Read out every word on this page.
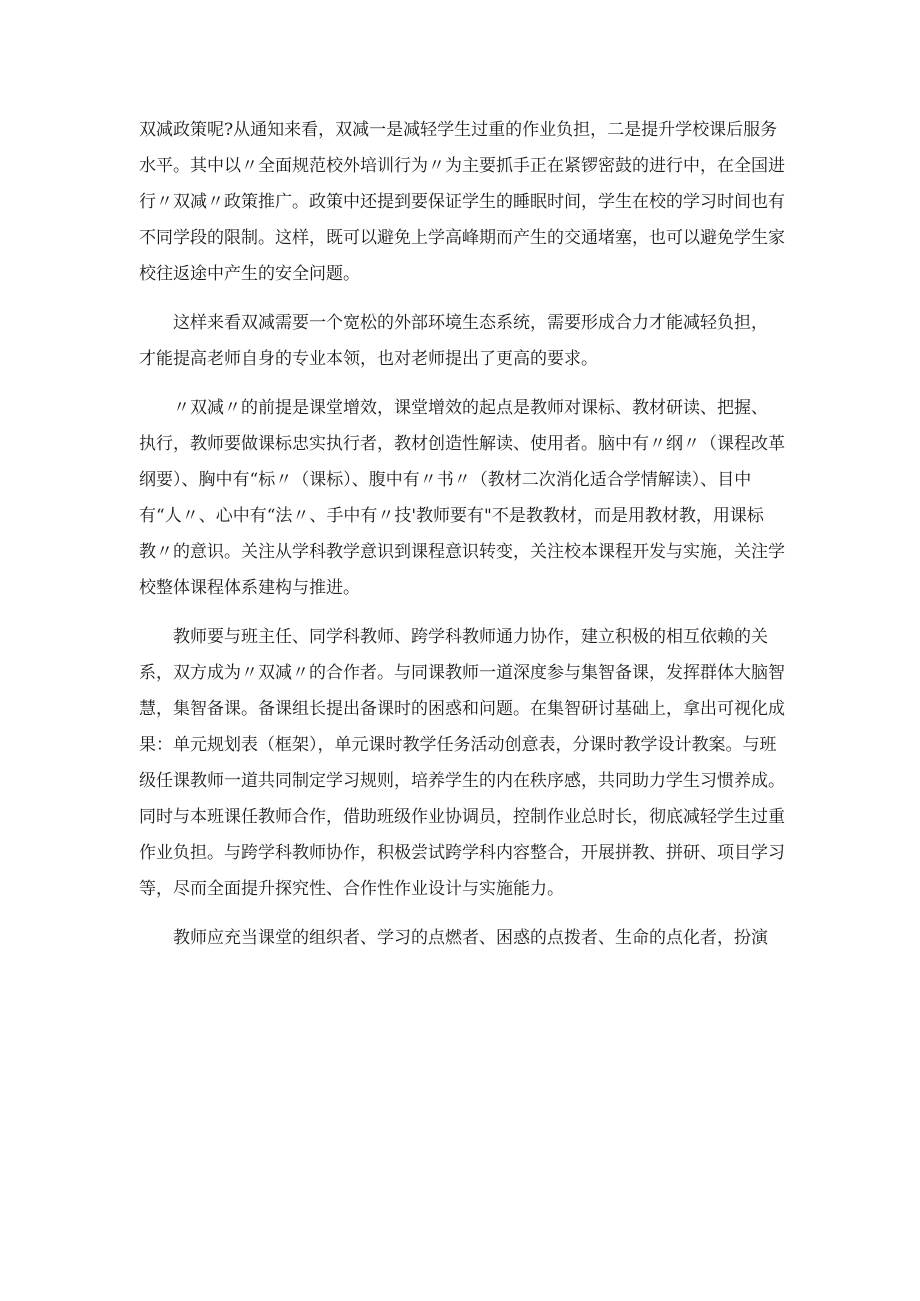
双减政策呢?从通知来看，双减一是减轻学生过重的作业负担，二是提升学校课后服务
水平。其中以〃全面规范校外培训行为〃为主要抓手正在紧锣密鼓的进行中，在全国进
行〃双减〃政策推广。政策中还提到要保证学生的睡眠时间，学生在校的学习时间也有
不同学段的限制。这样，既可以避免上学高峰期而产生的交通堵塞，也可以避免学生家
校往返途中产生的安全问题。
　　这样来看双减需要一个宽松的外部环境生态系统，需要形成合力才能减轻负担，
才能提高老师自身的专业本领，也对老师提出了更高的要求。
　　〃双减〃的前提是课堂增效，课堂增效的起点是教师对课标、教材研读、把握、
执行，教师要做课标忠实执行者，教材创造性解读、使用者。脑中有〃纲〃（课程改革
纲要）、胸中有“标〃（课标）、腹中有〃书〃（教材二次消化适合学情解读）、目中
有“人〃、心中有“法〃、手中有〃技'教师要有"不是教教材，而是用教材教，用课标
教〃的意识。关注从学科教学意识到课程意识转变，关注校本课程开发与实施，关注学
校整体课程体系建构与推进。
　　教师要与班主任、同学科教师、跨学科教师通力协作，建立积极的相互依赖的关
系，双方成为〃双减〃的合作者。与同课教师一道深度参与集智备课，发挥群体大脑智
慧，集智备课。备课组长提出备课时的困惑和问题。在集智研讨基础上，拿出可视化成
果：单元规划表（框架），单元课时教学任务活动创意表，分课时教学设计教案。与班
级任课教师一道共同制定学习规则，培养学生的内在秩序感，共同助力学生习惯养成。
同时与本班课任教师合作，借助班级作业协调员，控制作业总时长，彻底减轻学生过重
作业负担。与跨学科教师协作，积极尝试跨学科内容整合，开展拼教、拼研、项目学习
等，尽而全面提升探究性、合作性作业设计与实施能力。
　　教师应充当课堂的组织者、学习的点燃者、困惑的点拨者、生命的点化者，扮演
